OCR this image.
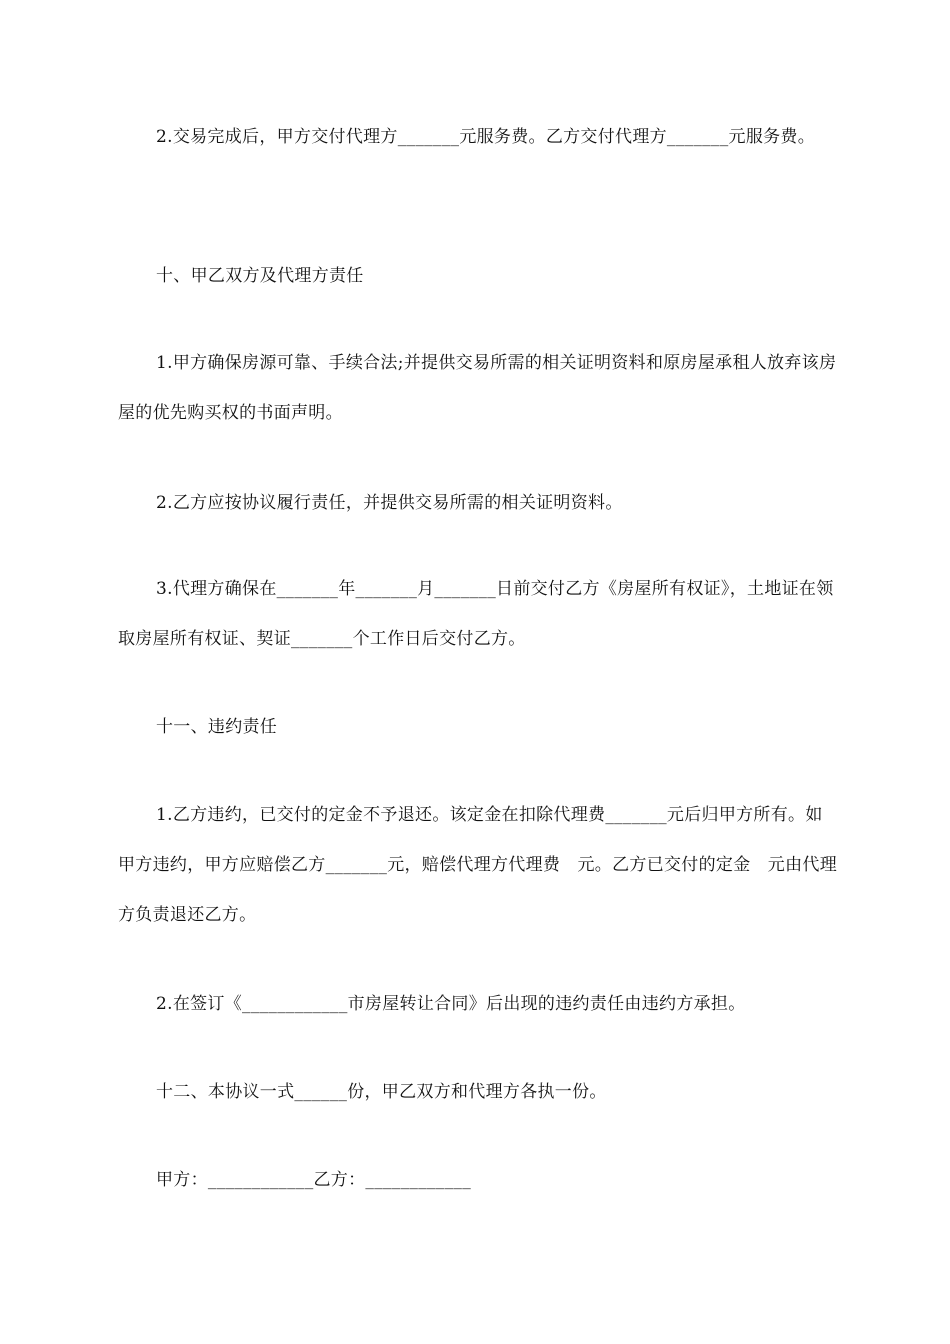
2.交易完成后，甲方交付代理方_______元服务费。乙方交付代理方_______元服务费。

十、甲乙双方及代理方责任

1.甲方确保房源可靠、手续合法;并提供交易所需的相关证明资料和原房屋承租人放弃该房屋的优先购买权的书面声明。

2.乙方应按协议履行责任，并提供交易所需的相关证明资料。

3.代理方确保在_______年_______月_______日前交付乙方《房屋所有权证》，土地证在领取房屋所有权证、契证_______个工作日后交付乙方。

十一、违约责任

1.乙方违约，已交付的定金不予退还。该定金在扣除代理费_______元后归甲方所有。如甲方违约，甲方应赔偿乙方_______元，赔偿代理方代理费　元。乙方已交付的定金　元由代理方负责退还乙方。

2.在签订《____________市房屋转让合同》后出现的违约责任由违约方承担。

十二、本协议一式______份，甲乙双方和代理方各执一份。
甲方：____________乙方：____________
